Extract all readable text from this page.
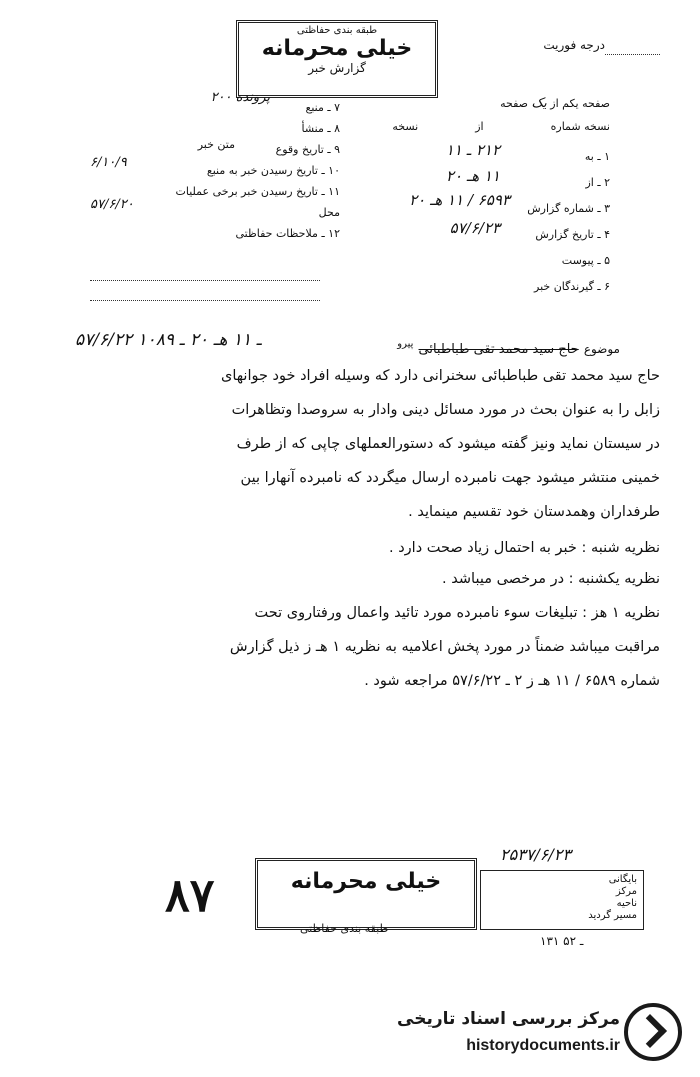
درجه فوریت
طبقه بندی حفاظتی
خیلی محرمانه
گزارش خبر
صفحه یکم از یک صفحه
نسخه شماره  از  نسخه
۱ ـ به
۲۱۲ ـ ۱۱
۲ ـ از
۱۱ هـ ۲۰
۳ ـ شماره گزارش
۶۵۹۳ / ۱۱ هـ ۲۰
۴ ـ تاریخ گزارش
۵۷/۶/۲۳
۵ ـ پیوست
۶ ـ گیرندگان خبر
۷ ـ منبع
پرونده ۲۰۰
۸ ـ منشأ
۹ ـ تاریخ وقوع
متن خبر
۱۰ ـ تاریخ رسیدن خبر به منبع
۶/۱۰/۹
۱۱ ـ تاریخ رسیدن خبر برخی عملیات
محل
۵۷/۶/۲۰
۱۲ ـ ملاحظات حفاظتی
موضوع حاج سید محمد تقی طباطبائی $^{پیرو}$
۵۷/۶/۲۲ ـ ۱۱ هـ ۲۰ ـ ۱۰۸۹
حاج سید محمد تقی طباطبائی سخنرانی دارد که وسیله افراد خود جوانهای
زابل را به عنوان بحث در مورد مسائل دینی وادار به سروصدا وتظاهرات
در سیستان نماید ونیز گفته میشود که دستورالعملهای چاپی که از طرف
خمینی منتشر میشود جهت نامبرده ارسال میگردد که نامبرده آنهارا بین
طرفداران وهمدستان خود تقسیم مینماید .
نظریه شنبه : خبر به احتمال زیاد صحت دارد .
نظریه یکشنبه : در مرخصی میباشد .
نظریه ۱ هز : تبلیغات سوء نامبرده مورد تائید واعمال ورفتاروی تحت
مراقبت میباشد ضمناً در مورد پخش اعلامیه به نظریه ۱ هـ ز ذیل گزارش
شماره ۶۵۸۹ / ۱۱ هـ ز ۲ ـ ۵۷/۶/۲۲ مراجعه شود .
۸۷	خیلی محرمانه
طبقه بندی حفاظتی
۲۵۳۷/۶/۲۳
بایگانی
مرکز
ناحیه
مسیر گردید
۱۳۱ ـ ۵۲
مرکز بررسی اسناد تاریخی
historydocuments.ir
